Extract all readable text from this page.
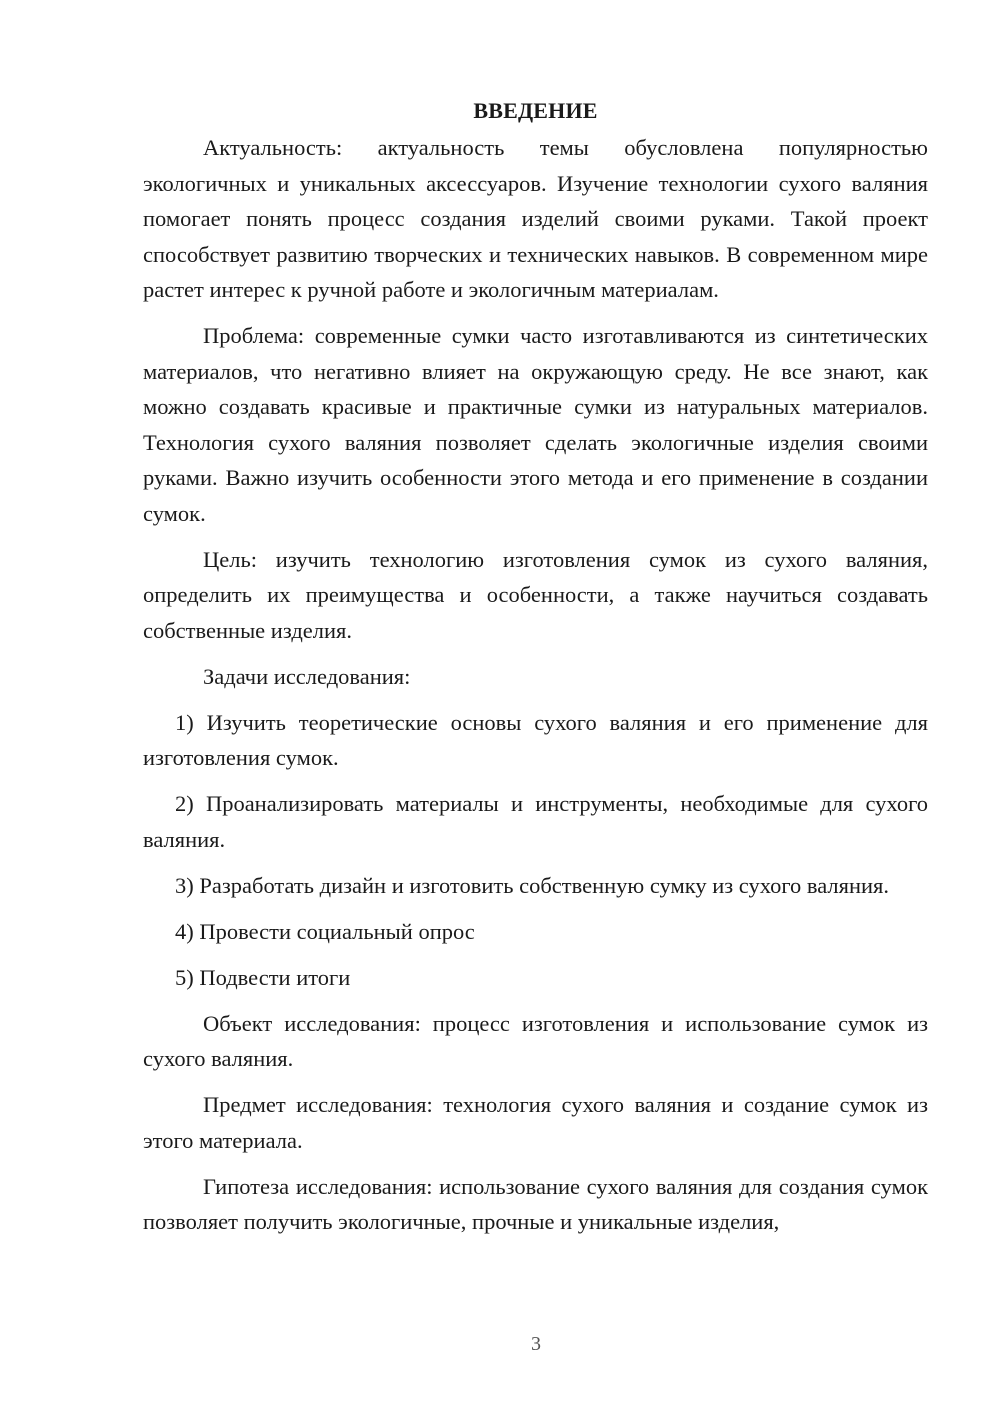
ВВЕДЕНИЕ

Актуальность: актуальность темы обусловлена популярностью экологичных и уникальных аксессуаров. Изучение технологии сухого валяния помогает понять процесс создания изделий своими руками. Такой проект способствует развитию творческих и технических навыков. В современном мире растет интерес к ручной работе и экологичным материалам.

Проблема: современные сумки часто изготавливаются из синтетических материалов, что негативно влияет на окружающую среду. Не все знают, как можно создавать красивые и практичные сумки из натуральных материалов. Технология сухого валяния позволяет сделать экологичные изделия своими руками. Важно изучить особенности этого метода и его применение в создании сумок.

Цель: изучить технологию изготовления сумок из сухого валяния, определить их преимущества и особенности, а также научиться создавать собственные изделия.

Задачи исследования:

1) Изучить теоретические основы сухого валяния и его применение для изготовления сумок.

2) Проанализировать материалы и инструменты, необходимые для сухого валяния.

3) Разработать дизайн и изготовить собственную сумку из сухого валяния.

4) Провести социальный опрос

5) Подвести итоги

Объект исследования: процесс изготовления и использование сумок из сухого валяния.

Предмет исследования: технология сухого валяния и создание сумок из этого материала.

Гипотеза исследования: использование сухого валяния для создания сумок позволяет получить экологичные, прочные и уникальные изделия,

3
